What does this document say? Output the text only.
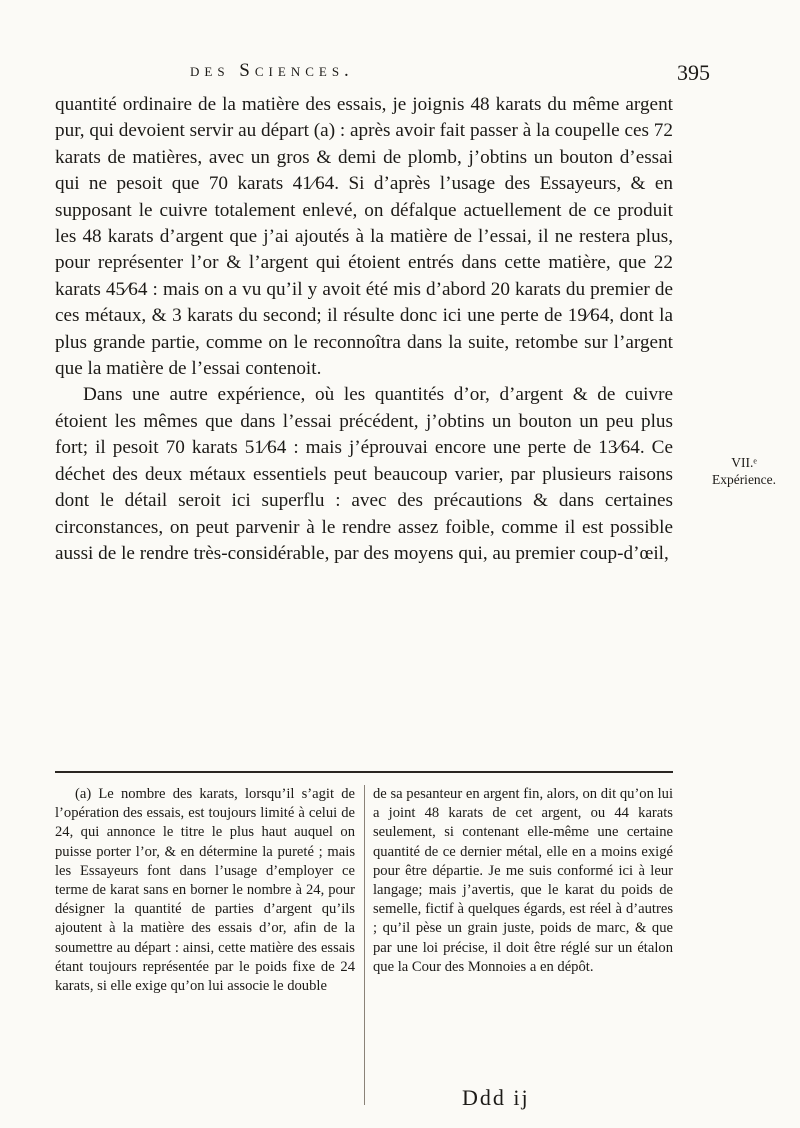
des Sciences.	395

quantité ordinaire de la matière des essais, je joignis 48 karats du même argent pur, qui devoient servir au départ (a) : après avoir fait passer à la coupelle ces 72 karats de matières, avec un gros & demi de plomb, j’obtins un bouton d’essai qui ne pesoit que 70 karats 41⁄64. Si d’après l’usage des Essayeurs, & en supposant le cuivre totalement enlevé, on défalque actuellement de ce produit les 48 karats d’argent que j’ai ajoutés à la matière de l’essai, il ne restera plus, pour représenter l’or & l’argent qui étoient entrés dans cette matière, que 22 karats 45⁄64 : mais on a vu qu’il y avoit été mis d’abord 20 karats du premier de ces métaux, & 3 karats du second; il résulte donc ici une perte de 19⁄64, dont la plus grande partie, comme on le reconnoîtra dans la suite, retombe sur l’argent que la matière de l’essai contenoit.

Dans une autre expérience, où les quantités d’or, d’argent & de cuivre étoient les mêmes que dans l’essai précédent, j’obtins un bouton un peu plus fort; il pesoit 70 karats 51⁄64 : mais j’éprouvai encore une perte de 13⁄64. Ce déchet des deux métaux essentiels peut beaucoup varier, par plusieurs raisons dont le détail seroit ici superflu : avec des précautions & dans certaines circonstances, on peut parvenir à le rendre assez foible, comme il est possible aussi de le rendre très-considérable, par des moyens qui, au premier coup-d’œil,

VII.ᵉ
Expérience.

(a) Le nombre des karats, lorsqu’il s’agit de l’opération des essais, est toujours limité à celui de 24, qui annonce le titre le plus haut auquel on puisse porter l’or, & en détermine la pureté ; mais les Essayeurs font dans l’usage d’employer ce terme de karat sans en borner le nombre à 24, pour désigner la quantité de parties d’argent qu’ils ajoutent à la matière des essais d’or, afin de la soumettre au départ : ainsi, cette matière des essais étant toujours représentée par le poids fixe de 24 karats, si elle exige qu’on lui associe le double

de sa pesanteur en argent fin, alors, on dit qu’on lui a joint 48 karats de cet argent, ou 44 karats seulement, si contenant elle-même une certaine quantité de ce dernier métal, elle en a moins exigé pour être départie. Je me suis conformé ici à leur langage; mais j’avertis, que le karat du poids de semelle, fictif à quelques égards, est réel à d’autres ; qu’il pèse un grain juste, poids de marc, & que par une loi précise, il doit être réglé sur un étalon que la Cour des Monnoies a en dépôt.

Ddd ij
